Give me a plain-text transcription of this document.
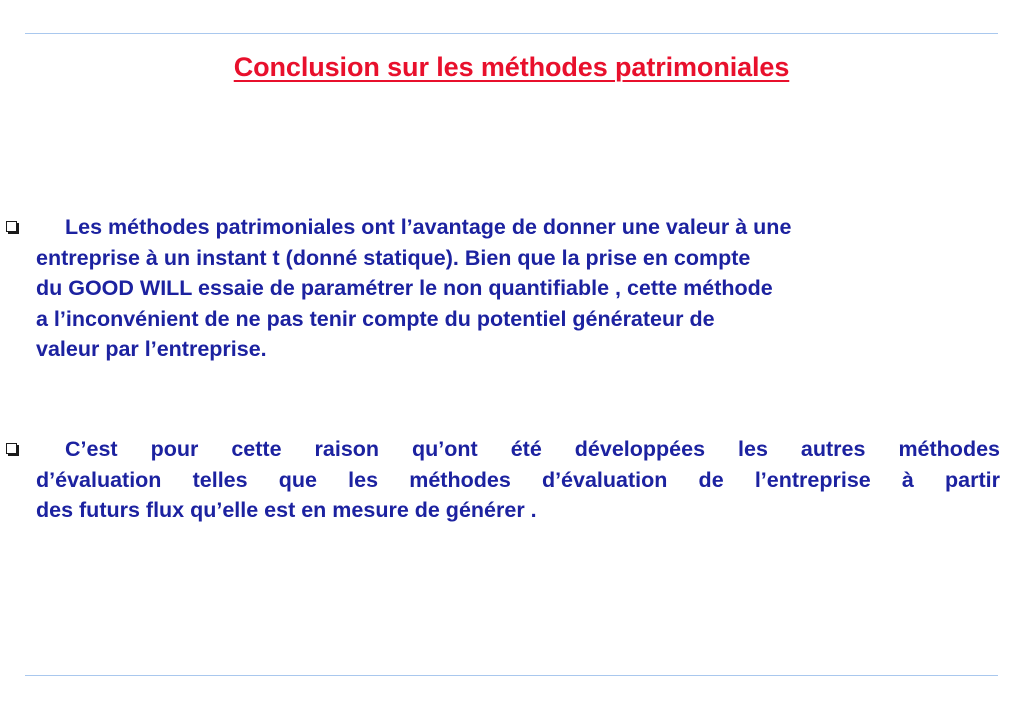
Conclusion sur les méthodes patrimoniales
Les méthodes patrimoniales ont l’avantage de donner une valeur à une
entreprise à un instant t (donné statique). Bien que la prise en compte
du GOOD WILL essaie de paramétrer le non quantifiable , cette méthode
a l’inconvénient de ne pas tenir compte du potentiel générateur de
valeur par l’entreprise.
C’est pour cette raison qu’ont été développées les autres méthodes
d’évaluation telles que les méthodes d’évaluation de l’entreprise à partir
des futurs flux qu’elle est en mesure de générer .
